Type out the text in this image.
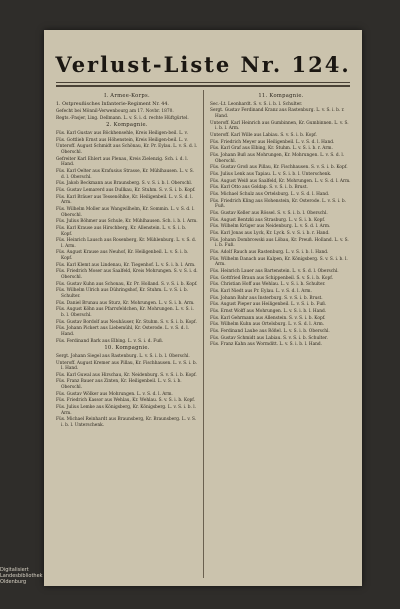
Verlust-Liste Nr. 124.
I. Armee-Korps.
1. Ostpreußisches Infanterie-Regiment Nr. 44.
Gefecht bei Mönnil-Verwenbourg am 17. Novbr. 1870.
Regts.-Fnsjer, Ling. Dellmann. L. v. S. i. d. rechte Hüftgürtel.
2. Kompagnie.
Füs. Karl Gustav aus Böckhensehle, Kreis Heiligen-beil. L. v.
Füs. Gottlieb Ernst aus Höhenstein, Kreis Heiligen-beil. L. v.
Unteroff. August Schmidt aus Schönau, Kr. Pr. Eylau. L. v. S. d. l. Oberschl.
Gefreiter Karl Ehlert aus Plenau, Kreis Zielenzig. Sch. i. d. l. Hand.
Füs. Karl Oelter aus Krafusius Strasse, Kr. Mühlhausen. L. v. S. d. l. Oberschl.
Füs. Jakob Beckmann aus Braunsberg. S. v. S. i. b. l. Oberschl.
Füs. Gustav Lemarerd aus Dullkau, Kr. Stuhm. S. v. S. i. b. Kopf.
Füs. Karl Bräuer aus Tessenöhlke, Kr. Heiligenbeil. L. v. S. d. l. Arm.
Füs. Wilhelm Moller aus Wangwilhelm, Kr. Sommin. L. v. S. d. l. Oberschl.
Füs. Julius Böhmer aus Schule, Kr. Mühlhausen. Sch. i. b. l. Arm.
Füs. Karl Krause aus Hirschberg, Kr. Allenstein. L. v. S. i. b. Kopf.
Füs. Heinrich Lausch aus Rosenberg, Kr. Mühlenburg. L. v. S. d. l. Arm.
Füs. August Krause aus Neuhof, Kr. Heiligenbeil. L. v. S. i. b. Kopf.
Füs. Karl Klemt aus Lindenau, Kr. Tiegenhof. L. v. S. i. b. l. Arm.
Füs. Friedrich Moser aus Saalfeld, Kreis Mohrungen. S. v. S. i. d. Oberschl.
Füs. Gustav Kuhn aus Schonau, Kr. Pr. Holland. S. v. S. i. b. Kopf.
Füs. Wilhelm Ulrich aus Dühringshof, Kr. Stuhm. L. v. S. i. b. Schulter.
Füs. Daniel Brunau aus Sturz, Kr. Mohrungen. L. v. S. i. b. Arm.
Füs. August Köhn aus Pfarrsfeldchen, Kr. Mohrungen. L. v. S. i. b. l. Oberschl.
Füs. Gustav Bordolf aus Neuhäuser, Kr. Stuhm. S. v. S. i. b. Kopf.
Füs. Johann Pickert aus Liebemühl, Kr. Osterode. L. v. S. d. l. Hand.
Füs. Ferdinand Bark aus Elbing. L. v. S. i. d. Fuß.
10. Kompagnie.
Sergt. Johann Siegel aus Rastenburg. L. v. S. i. b. l. Oberschl.
Unteroff. August Kremer aus Pillau, Kr. Fischhausen. L. v. S. i. b. l. Hand.
Füs. Karl Guwal aus Hirschau, Kr. Neidenburg. S. v. S. i. b. Kopf.
Füs. Franz Bauer aus Zinten, Kr. Heiligenbeil. L. v. S. i. b. Oberschl.
Füs. Gustav Wölker aus Mohrungen. L. v. S. d. l. Arm.
Füs. Friedrich Kassor aus Wehlau, Kr. Wehlau. S. v. S. i. b. Kopf.
Füs. Julius Lemke aus Königsberg, Kr. Königsberg. L. v. S. i. b. l. Arm.
Füs. Michael Reinhardt aus Braunsberg, Kr. Braunsberg. L. v. S. i. b. l. Unterschenk.
11. Kompagnie.
Sec.-Lt. Leonhardt. S. v. S. i. b. l. Schulter.
Sergt. Gustav Ferdinand Kranz aus Rastenburg. L. v. S. i. b. r. Hand.
Unteroff. Karl Heinrich aus Gumbinnen, Kr. Gumbinnen. L. v. S. i. b. l. Arm.
Unteroff. Karl Wille aus Labiau. S. v. S. i. b. Kopf.
Füs. Friedrich Meyer aus Heiligenbeil. L. v. S. d. l. Hand.
Füs. Karl Graf aus Elbing, Kr. Stuhm. L. v. S. i. b. r. Arm.
Füs. Johann Buß aus Mohrungen, Kr. Mohrungen. L. v. S. d. l. Oberschl.
Füs. Gustav Groß aus Pillau, Kr. Fischhausen. S. v. S. i. b. Kopf.
Füs. Julius Lenk aus Tapiau. L. v. S. i. b. l. Unterschenk.
Füs. August Weiß aus Saalfeld, Kr. Mohrungen. L. v. S. d. l. Arm.
Füs. Karl Otto aus Goldap. S. v. S. i. b. Brust.
Füs. Michael Schulz aus Ortelsburg. L. v. S. d. l. Hand.
Füs. Friedrich Kling aus Hohenstein, Kr. Osterode. L. v. S. i. b. Fuß.
Füs. Gustav Keller aus Rössel. S. v. S. i. b. l. Oberschl.
Füs. August Bentzki aus Strasburg. L. v. S. i. b. Kopf.
Füs. Wilhelm Krüger aus Neidenburg. L. v. S. d. l. Arm.
Füs. Karl Jonas aus Lyck, Kr. Lyck. S. v. S. i. b. r. Hand.
Füs. Johann Dombrowski aus Löbau, Kr. Preuß. Holland. L. v. S. i. b. Fuß.
Füs. Adolf Rauch aus Rastenburg. L. v. S. i. b. l. Hand.
Füs. Wilhelm Danach aus Kalpen, Kr. Königsberg. S. v. S. i. b. l. Arm.
Füs. Heinrich Lauer aus Bartenstein. L. v. S. d. l. Oberschl.
Füs. Gottfried Braun aus Schippenbeil. S. v. S. i. b. Kopf.
Füs. Christian Hoff aus Wehlau. L. v. S. i. b. Schulter.
Füs. Karl Niedt aus Pr. Eylau. L. v. S. d. l. Arm.
Füs. Johann Bahr aus Insterburg. S. v. S. i. b. Brust.
Füs. August Pieper aus Heiligenbeil. L. v. S. i. b. Fuß.
Füs. Ernst Wolff aus Mohrungen. L. v. S. i. b. l. Hand.
Füs. Karl Gehrmann aus Allenstein. S. v. S. i. b. Kopf.
Füs. Wilhelm Kuhn aus Ortelsburg. L. v. S. d. l. Arm.
Füs. Ferdinand Laube aus Rößel. L. v. S. i. b. Oberschl.
Füs. Gustav Schmidt aus Labiau. S. v. S. i. b. Schulter.
Füs. Franz Kahn aus Wormditt. L. v. S. i. b. l. Hand.
Digitalisiert
Landesbibliothek Oldenburg
